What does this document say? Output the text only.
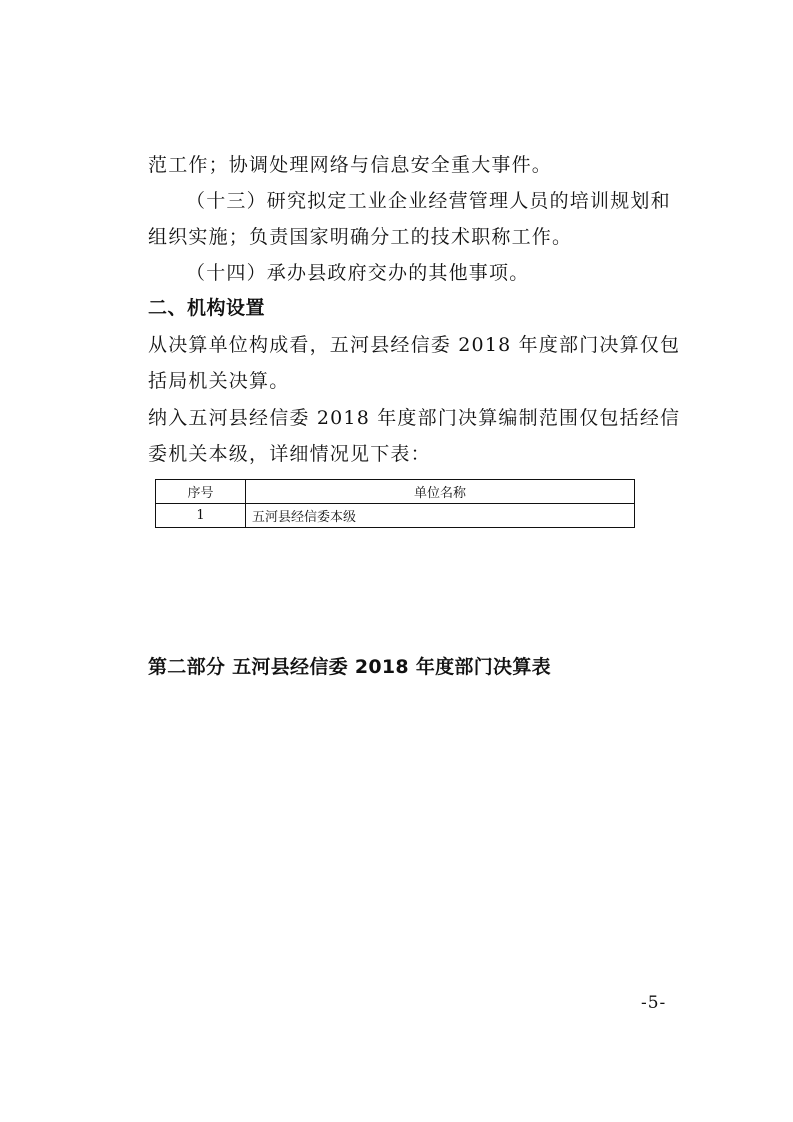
范工作；协调处理网络与信息安全重大事件。
（十三）研究拟定工业企业经营管理人员的培训规划和
组织实施；负责国家明确分工的技术职称工作。
（十四）承办县政府交办的其他事项。
二、机构设置
从决算单位构成看，五河县经信委 2018 年度部门决算仅包
括局机关决算。
纳入五河县经信委 2018 年度部门决算编制范围仅包括经信
委机关本级，详细情况见下表：
序号	单位名称
1	五河县经信委本级
第二部分 五河县经信委 2018 年度部门决算表
-5-
